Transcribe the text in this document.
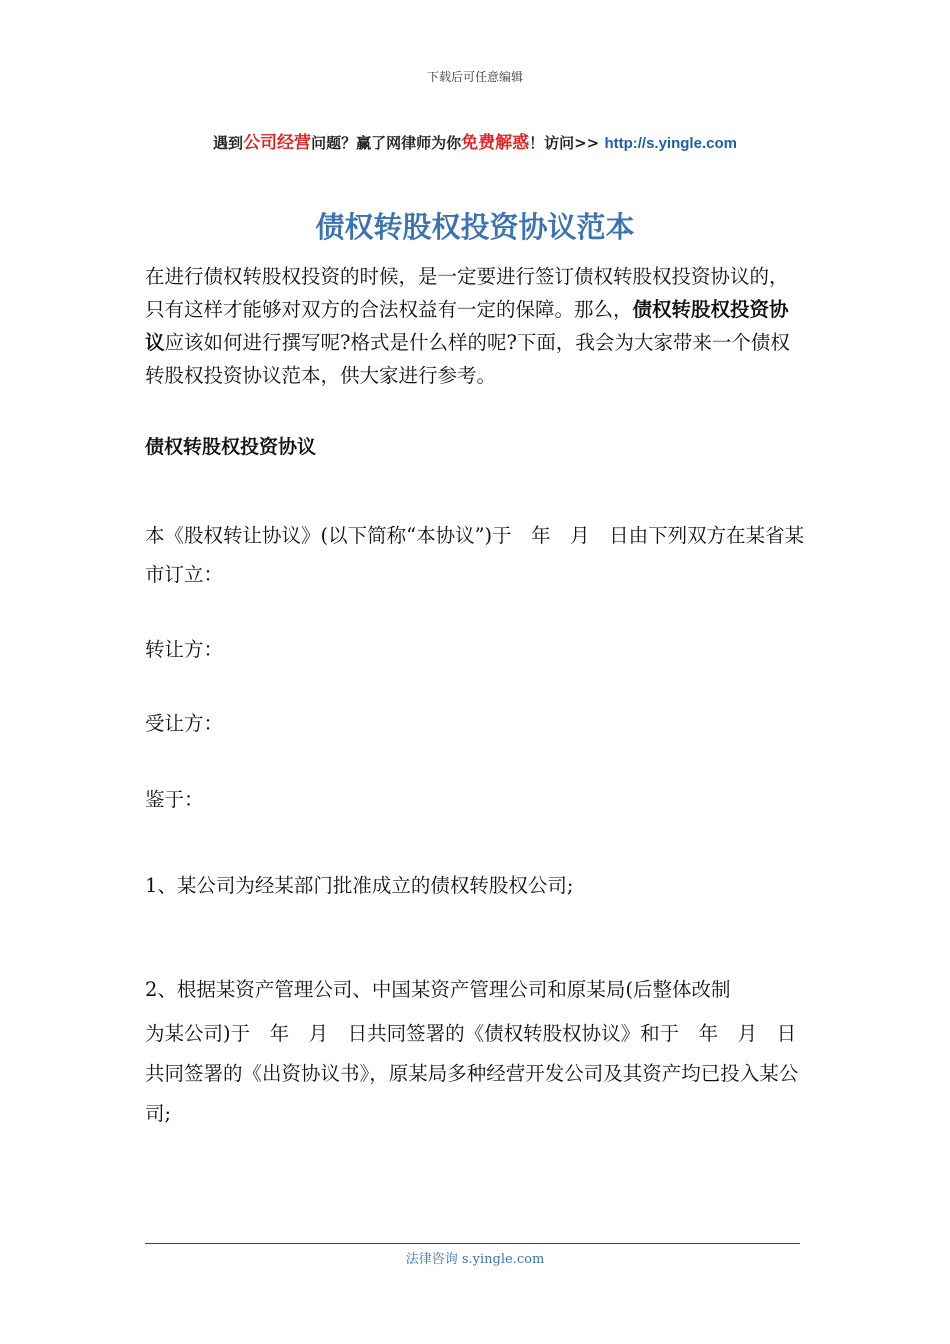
下载后可任意编辑
遇到公司经营问题？赢了网律师为你免费解惑！访问>> http://s.yingle.com
债权转股权投资协议范本
在进行债权转股权投资的时候，是一定要进行签订债权转股权投资协议的，只有这样才能够对双方的合法权益有一定的保障。那么，债权转股权投资协议应该如何进行撰写呢?格式是什么样的呢?下面，我会为大家带来一个债权转股权投资协议范本，供大家进行参考。
债权转股权投资协议
本《股权转让协议》(以下简称“本协议”)于　年　月　日由下列双方在某省某市订立：
转让方：
受让方：
鉴于：
1、某公司为经某部门批准成立的债权转股权公司;
2、根据某资产管理公司、中国某资产管理公司和原某局(后整体改制
为某公司)于　年　月　日共同签署的《债权转股权协议》和于　年　月　日共同签署的《出资协议书》，原某局多种经营开发公司及其资产均已投入某公司;
法律咨询 s.yingle.com
